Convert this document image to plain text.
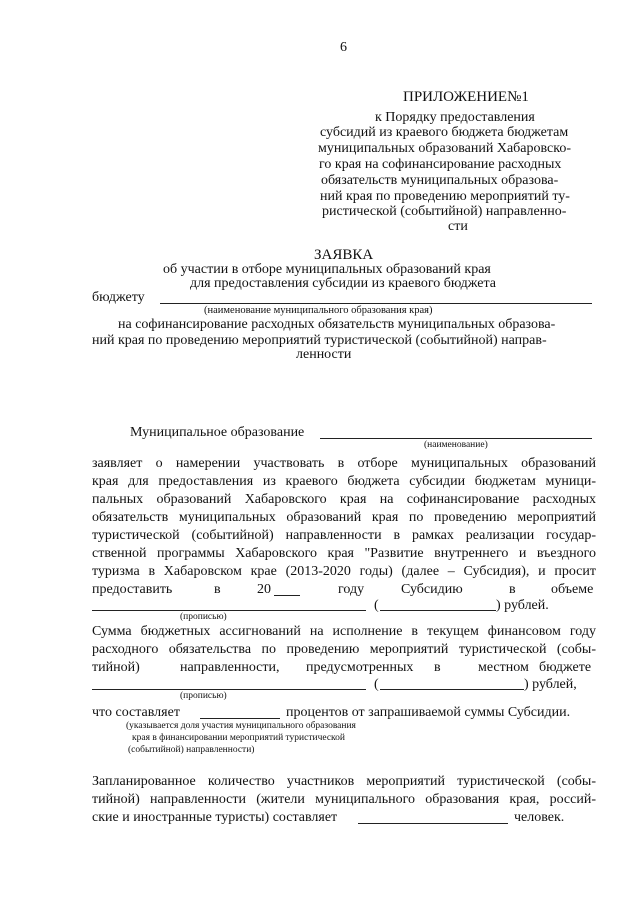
6
ПРИЛОЖЕНИЕ№1
к Порядку предоставления
субсидий из краевого бюджета бюджетам
муниципальных образований Хабаровско-
го края на софинансирование расходных
обязательств муниципальных образова-
ний края по проведению мероприятий ту-
ристической (событийной) направленно-
сти
ЗАЯВКА
об участии в отборе муниципальных образований края
для предоставления субсидии из краевого бюджета
бюджету
(наименование муниципального образования края)
на софинансирование расходных обязательств муниципальных образова-
ний края по проведению мероприятий туристической (событийной) направ-
ленности
Муниципальное образование
(наименование)
заявляет о намерении участвовать в отборе муниципальных образований
края для предоставления из краевого бюджета субсидии бюджетам муници-
пальных образований Хабаровского края на софинансирование расходных
обязательств муниципальных образований края по проведению мероприятий
туристической (событийной) направленности в рамках реализации государ-
ственной программы Хабаровского края "Развитие внутреннего и въездного
туризма в Хабаровском крае (2013-2020 годы) (далее – Субсидия), и просит
предоставить	в	20	году	Субсидию	в	объеме
(	) рублей.
(прописью)
Сумма бюджетных ассигнований на исполнение в текущем финансовом году
расходного обязательства по проведению мероприятий туристической (собы-
тийной)	направленности, предусмотренных в	местном бюджете
(	) рублей,
(прописью)
что составляет	процентов от запрашиваемой суммы Субсидии.
(указывается доля участия муниципального образования
края в финансировании мероприятий туристической
(событийной) направленности)
Запланированное количество участников мероприятий туристической (собы-
тийной) направленности (жители муниципального образования края, россий-
ские и иностранные туристы) составляет	человек.
